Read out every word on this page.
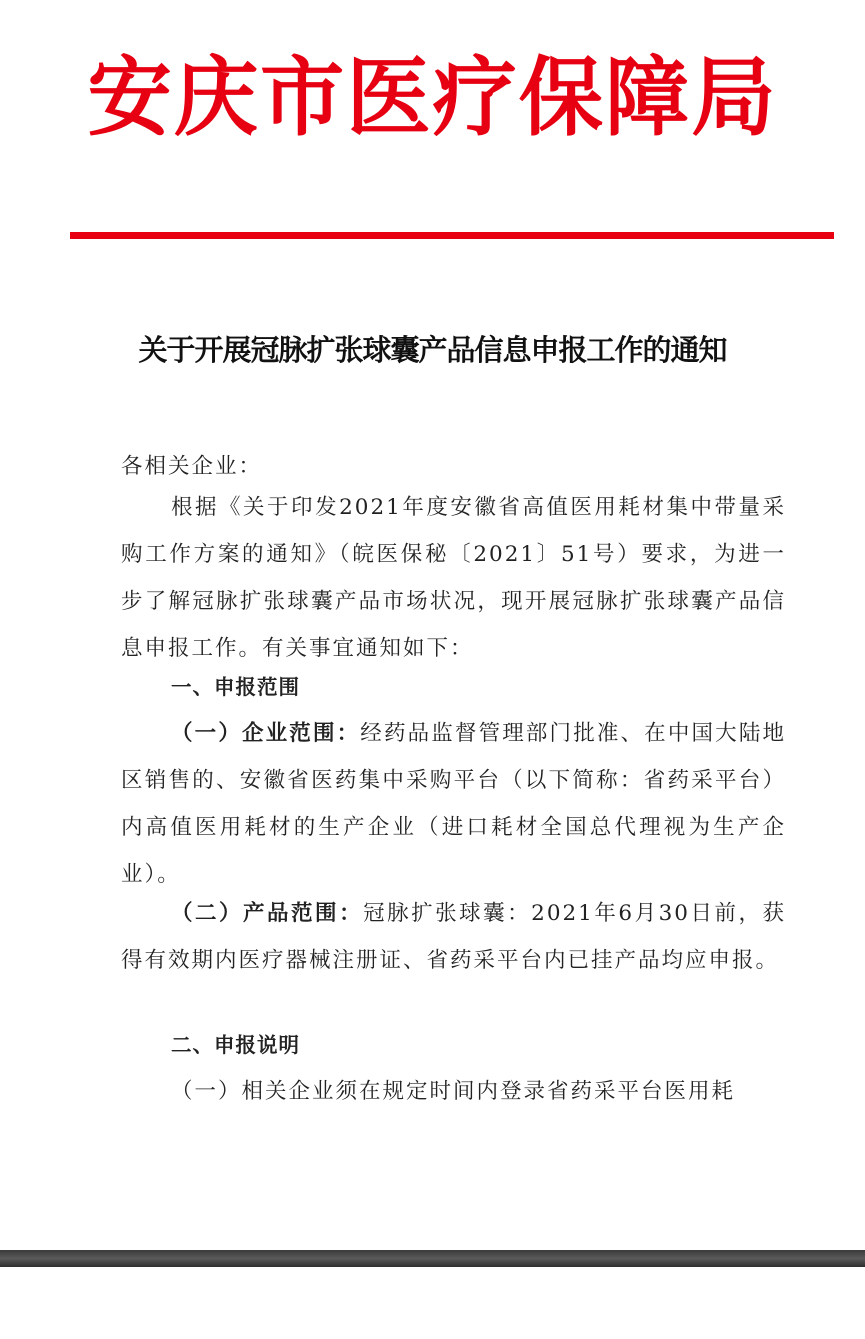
安庆市医疗保障局
关于开展冠脉扩张球囊产品信息申报工作的通知

各相关企业：

根据《关于印发2021年度安徽省高值医用耗材集中带量采购工作方案的通知》（皖医保秘〔2021〕51号）要求，为进一步了解冠脉扩张球囊产品市场状况，现开展冠脉扩张球囊产品信息申报工作。有关事宜通知如下：

一、申报范围

（一）企业范围：经药品监督管理部门批准、在中国大陆地区销售的、安徽省医药集中采购平台（以下简称：省药采平台）内高值医用耗材的生产企业（进口耗材全国总代理视为生产企业）。

（二）产品范围：冠脉扩张球囊：2021年6月30日前，获得有效期内医疗器械注册证、省药采平台内已挂产品均应申报。

二、申报说明

（一）相关企业须在规定时间内登录省药采平台医用耗
